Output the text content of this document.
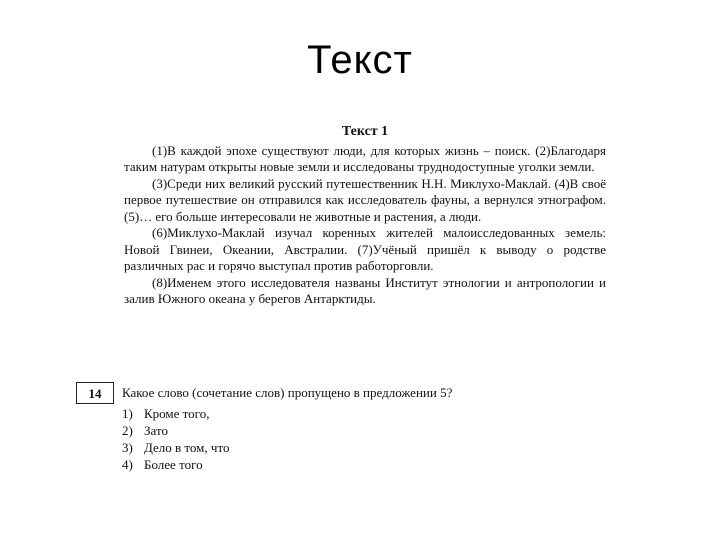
Текст
Текст 1

(1)В каждой эпохе существуют люди, для которых жизнь – поиск. (2)Благодаря таким натурам открыты новые земли и исследованы труднодоступные уголки земли.

(3)Среди них великий русский путешественник Н.Н. Миклухо-Маклай. (4)В своё первое путешествие он отправился как исследователь фауны, а вернулся этнографом. (5)… его больше интересовали не животные и растения, а люди.

(6)Миклухо-Маклай изучал коренных жителей малоисследованных земель: Новой Гвинеи, Океании, Австралии. (7)Учёный пришёл к выводу о родстве различных рас и горячо выступал против работорговли.

(8)Именем этого исследователя названы Институт этнологии и антропологии и залив Южного океана у берегов Антарктиды.

14	Какое слово (сочетание слов) пропущено в предложении 5?
1) Кроме того,
2) Зато
3) Дело в том, что
4) Более того
